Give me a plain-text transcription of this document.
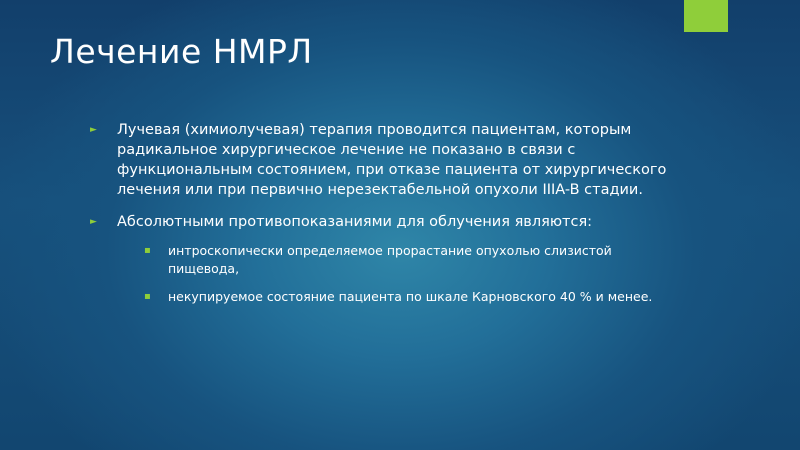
Лечение НМРЛ
► Лучевая (химиолучевая) терапия проводится пациентам, которым радикальное хирургическое лечение не показано в связи с функциональным состоянием, при отказе пациента от хирургического лечения или при первично нерезектабельной опухоли IIIA-B стадии.
► Абсолютными противопоказаниями для облучения являются:
▪ интроскопически определяемое прорастание опухолью слизистой пищевода,
▪ некупируемое состояние пациента по шкале Карновского 40 % и менее.
